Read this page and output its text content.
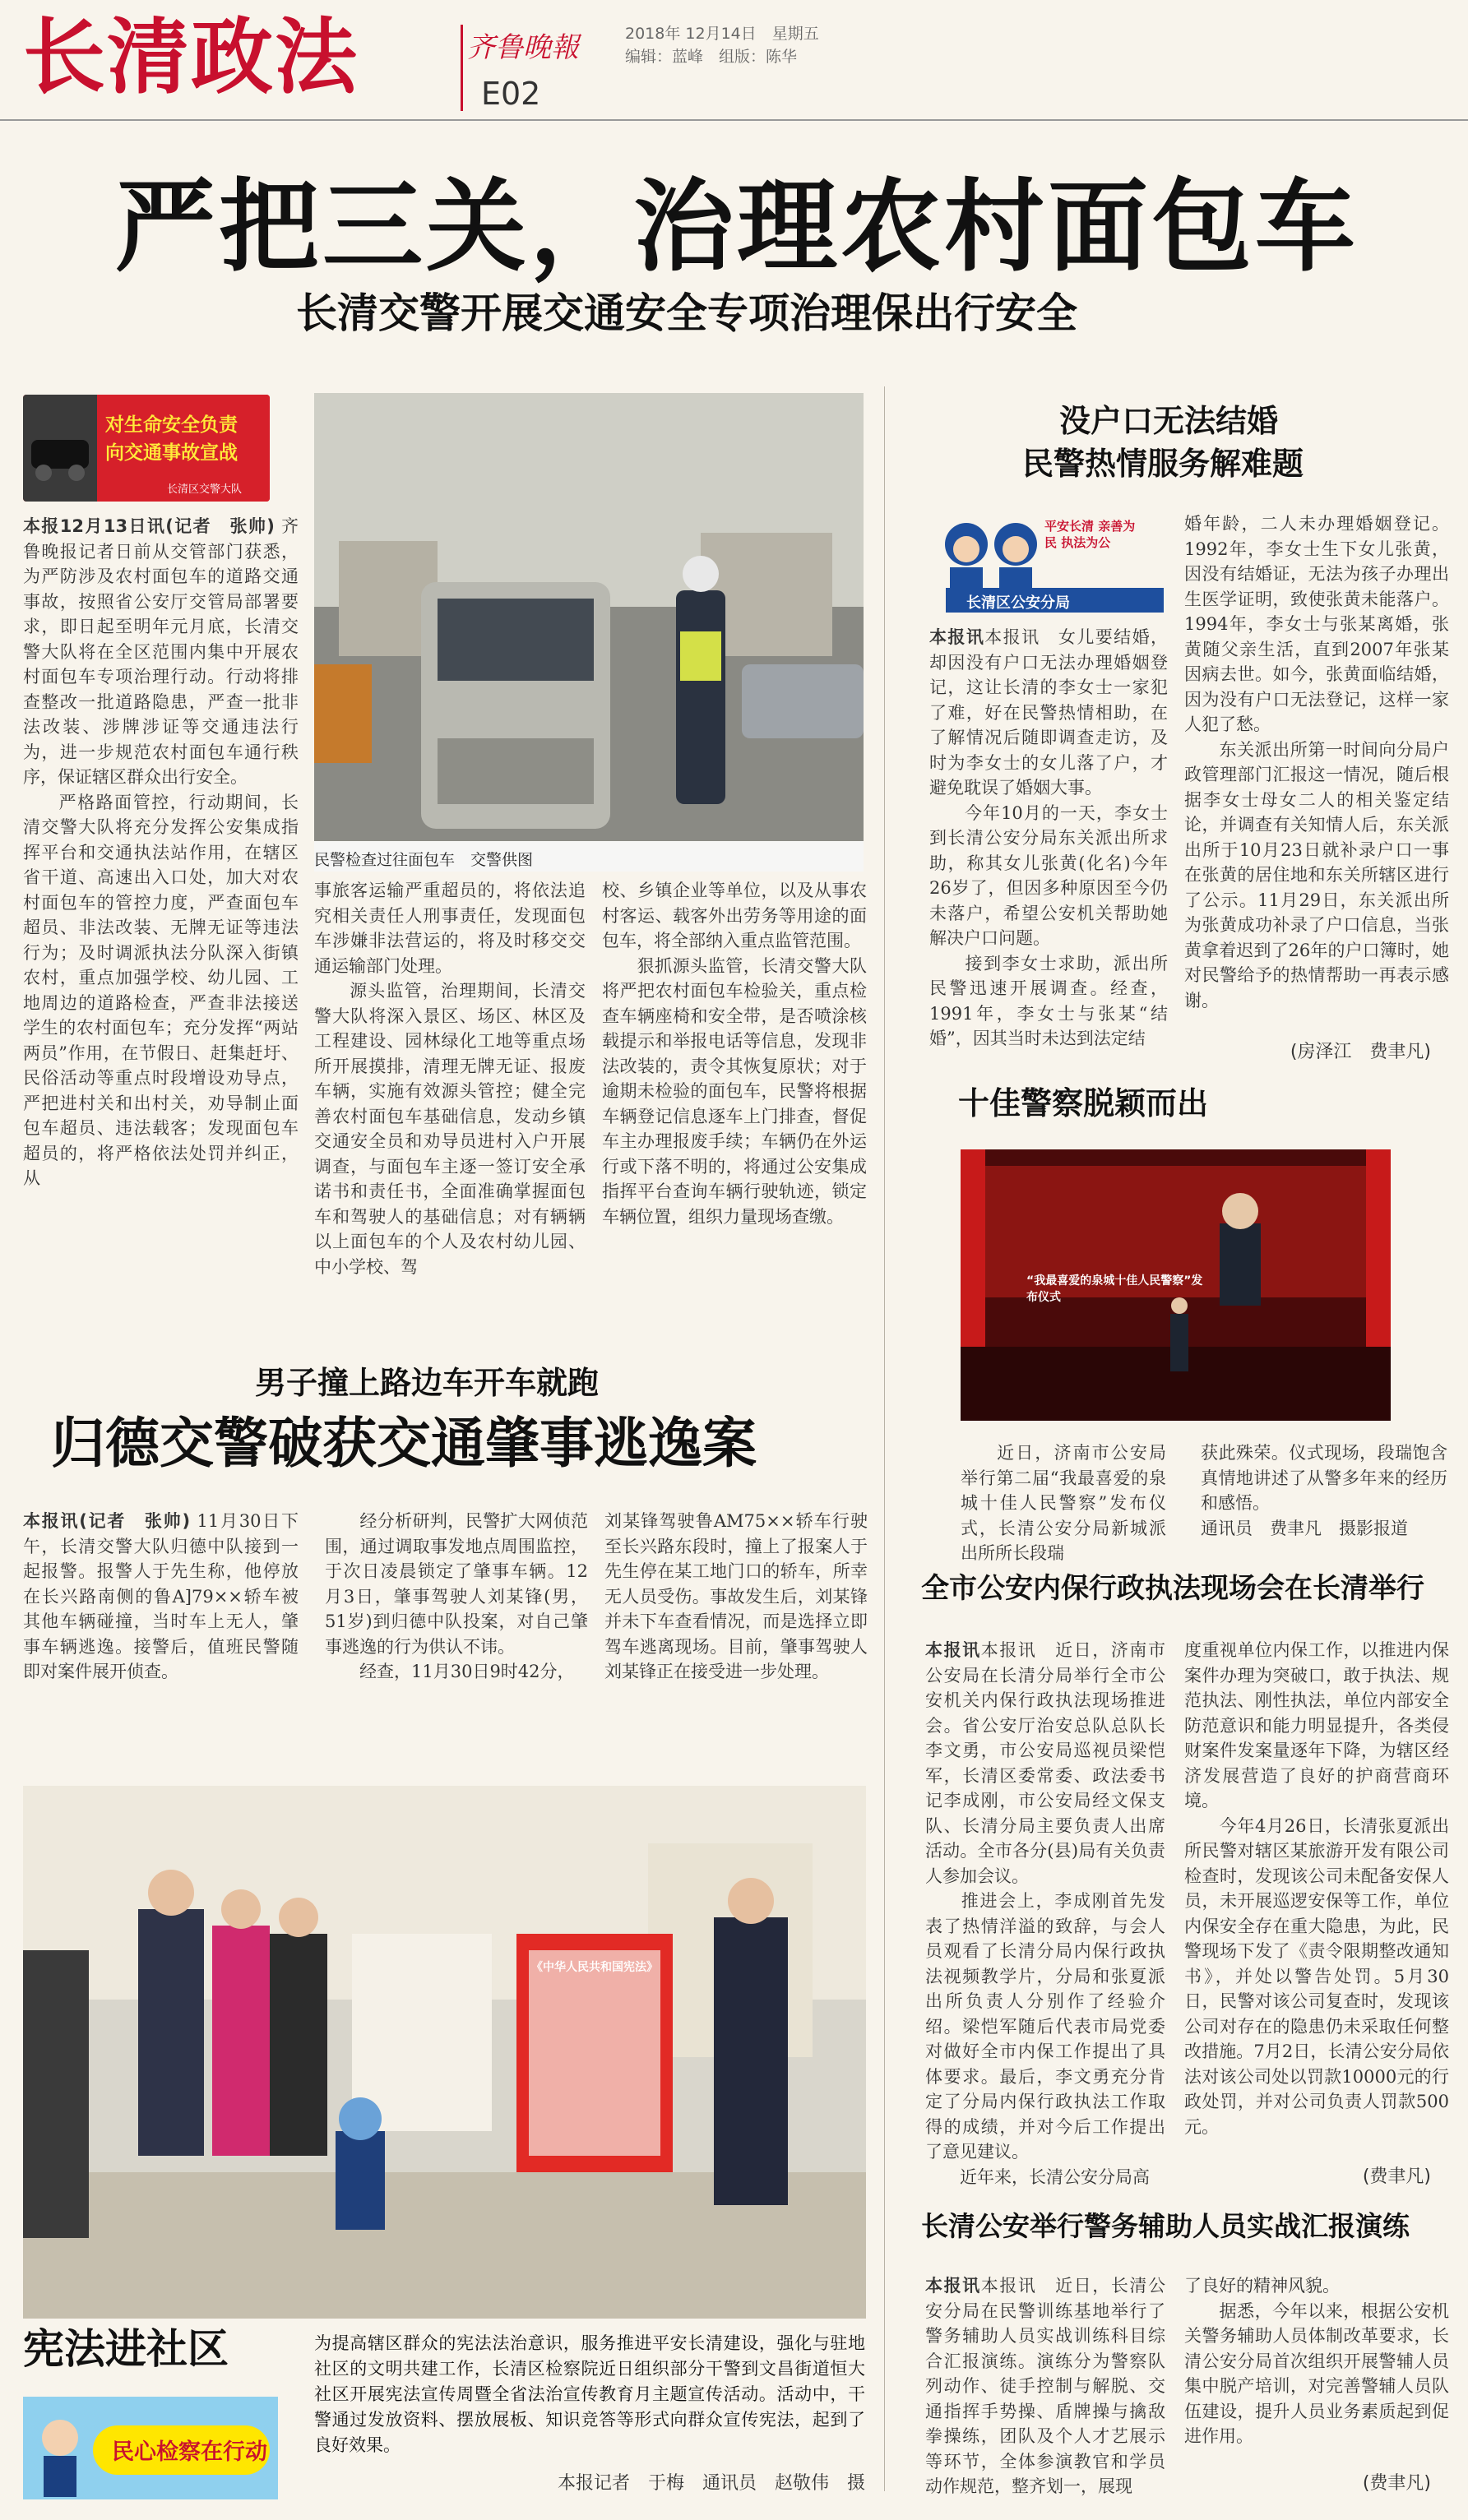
长清政法	齐鲁晚報	2018年 12月14日　星期五
编辑：蓝峰　组版：陈华
E02
严把三关，治理农村面包车
长清交警开展交通安全专项治理保出行安全
对生命安全负责 向交通事故宣战
长清区交警大队
民警检查过往面包车　交警供图
本报12月13日讯(记者　张帅) 齐鲁晚报记者日前从交管部门获悉，为严防涉及农村面包车的道路交通事故，按照省公安厅交管局部署要求，即日起至明年元月底，长清交警大队将在全区范围内集中开展农村面包车专项治理行动。行动将排查整改一批道路隐患，严查一批非法改装、涉牌涉证等交通违法行为，进一步规范农村面包车通行秩序，保证辖区群众出行安全。
严格路面管控，行动期间，长清交警大队将充分发挥公安集成指挥平台和交通执法站作用，在辖区省干道、高速出入口处，加大对农村面包车的管控力度，严查面包车超员、非法改装、无牌无证等违法行为；及时调派执法分队深入街镇农村，重点加强学校、幼儿园、工地周边的道路检查，严查非法接送学生的农村面包车；充分发挥“两站两员”作用，在节假日、赶集赶圩、民俗活动等重点时段增设劝导点，严把进村关和出村关，劝导制止面包车超员、违法载客；发现面包车超员的，将严格依法处罚并纠正，从
事旅客运输严重超员的，将依法追究相关责任人刑事责任，发现面包车涉嫌非法营运的，将及时移交交通运输部门处理。
源头监管，治理期间，长清交警大队将深入景区、场区、林区及工程建设、园林绿化工地等重点场所开展摸排，清理无牌无证、报废车辆，实施有效源头管控；健全完善农村面包车基础信息，发动乡镇交通安全员和劝导员进村入户开展调查，与面包车主逐一签订安全承诺书和责任书，全面准确掌握面包车和驾驶人的基础信息；对有辆辆以上面包车的个人及农村幼儿园、中小学校、驾
校、乡镇企业等单位，以及从事农村客运、载客外出劳务等用途的面包车，将全部纳入重点监管范围。
狠抓源头监管，长清交警大队将严把农村面包车检验关，重点检查车辆座椅和安全带，是否喷涂核载提示和举报电话等信息，发现非法改装的，责令其恢复原状；对于逾期未检验的面包车，民警将根据车辆登记信息逐车上门排查，督促车主办理报废手续；车辆仍在外运行或下落不明的，将通过公安集成指挥平台查询车辆行驶轨迹，锁定车辆位置，组织力量现场查缴。
没户口无法结婚
民警热情服务解难题
平安长清 亲善为民 执法为公
长清区公安分局
本报讯本报讯　女儿要结婚，却因没有户口无法办理婚姻登记，这让长清的李女士一家犯了难，好在民警热情相助，在了解情况后随即调查走访，及时为李女士的女儿落了户，才避免耽误了婚姻大事。
今年10月的一天，李女士到长清公安分局东关派出所求助，称其女儿张黄(化名)今年26岁了，但因多种原因至今仍未落户，希望公安机关帮助她解决户口问题。
接到李女士求助，派出所民警迅速开展调查。经查，1991年，李女士与张某“结婚”，因其当时未达到法定结
婚年龄，二人未办理婚姻登记。1992年，李女士生下女儿张黄，因没有结婚证，无法为孩子办理出生医学证明，致使张黄未能落户。1994年，李女士与张某离婚，张黄随父亲生活，直到2007年张某因病去世。如今，张黄面临结婚，因为没有户口无法登记，这样一家人犯了愁。
东关派出所第一时间向分局户政管理部门汇报这一情况，随后根据李女士母女二人的相关鉴定结论，并调查有关知情人后，东关派出所于10月23日就补录户口一事在张黄的居住地和东关所辖区进行了公示。11月29日，东关派出所为张黄成功补录了户口信息，当张黄拿着迟到了26年的户口簿时，她对民警给予的热情帮助一再表示感谢。
(房泽江　费聿凡)
十佳警察脱颖而出
“我最喜爱的泉城十佳人民警察”发布仪式
近日，济南市公安局举行第二届“我最喜爱的泉城十佳人民警察”发布仪式，长清公安分局新城派出所所长段瑞
获此殊荣。仪式现场，段瑞饱含真情地讲述了从警多年来的经历和感悟。
通讯员　费聿凡　摄影报道
全市公安内保行政执法现场会在长清举行
本报讯本报讯　近日，济南市公安局在长清分局举行全市公安机关内保行政执法现场推进会。省公安厅治安总队总队长李文勇，市公安局巡视员梁恺军，长清区委常委、政法委书记李成刚，市公安局经文保支队、长清分局主要负责人出席活动。全市各分(县)局有关负责人参加会议。
推进会上，李成刚首先发表了热情洋溢的致辞，与会人员观看了长清分局内保行政执法视频教学片，分局和张夏派出所负责人分别作了经验介绍。梁恺军随后代表市局党委对做好全市内保工作提出了具体要求。最后，李文勇充分肯定了分局内保行政执法工作取得的成绩，并对今后工作提出了意见建议。
近年来，长清公安分局高
度重视单位内保工作，以推进内保案件办理为突破口，敢于执法、规范执法、刚性执法，单位内部安全防范意识和能力明显提升，各类侵财案件发案量逐年下降，为辖区经济发展营造了良好的护商营商环境。
今年4月26日，长清张夏派出所民警对辖区某旅游开发有限公司检查时，发现该公司未配备安保人员，未开展巡逻安保等工作，单位内保安全存在重大隐患，为此，民警现场下发了《责令限期整改通知书》，并处以警告处罚。5月30日，民警对该公司复查时，发现该公司对存在的隐患仍未采取任何整改措施。7月2日，长清公安分局依法对该公司处以罚款10000元的行政处罚，并对公司负责人罚款500元。
(费聿凡)
长清公安举行警务辅助人员实战汇报演练
本报讯本报讯　近日，长清公安分局在民警训练基地举行了警务辅助人员实战训练科目综合汇报演练。演练分为警察队列动作、徒手控制与解脱、交通指挥手势操、盾牌操与擒敌拳操练，团队及个人才艺展示等环节，全体参演教官和学员动作规范，整齐划一，展现
了良好的精神风貌。
据悉，今年以来，根据公安机关警务辅助人员体制改革要求，长清公安分局首次组织开展警辅人员集中脱产培训，对完善警辅人员队伍建设，提升人员业务素质起到促进作用。
(费聿凡)
男子撞上路边车开车就跑
归德交警破获交通肇事逃逸案
本报讯(记者　张帅) 11月30日下午，长清交警大队归德中队接到一起报警。报警人于先生称，他停放在长兴路南侧的鲁A]79××轿车被其他车辆碰撞，当时车上无人，肇事车辆逃逸。接警后，值班民警随即对案件展开侦查。
经分析研判，民警扩大网侦范围，通过调取事发地点周围监控，于次日凌晨锁定了肇事车辆。12月3日，肇事驾驶人刘某锋(男，51岁)到归德中队投案，对自己肇事逃逸的行为供认不讳。
经查，11月30日9时42分，
刘某锋驾驶鲁AM75××轿车行驶至长兴路东段时，撞上了报案人于先生停在某工地门口的轿车，所幸无人员受伤。事故发生后，刘某锋并未下车查看情况，而是选择立即驾车逃离现场。目前，肇事驾驶人刘某锋正在接受进一步处理。
《中华人民共和国宪法》
宪法进社区
民心检察在行动
为提高辖区群众的宪法法治意识，服务推进平安长清建设，强化与驻地社区的文明共建工作，长清区检察院近日组织部分干警到文昌街道恒大社区开展宪法宣传周暨全省法治宣传教育月主题宣传活动。活动中，干警通过发放资料、摆放展板、知识竞答等形式向群众宣传宪法，起到了良好效果。
本报记者　于梅　通讯员　赵敬伟　摄
